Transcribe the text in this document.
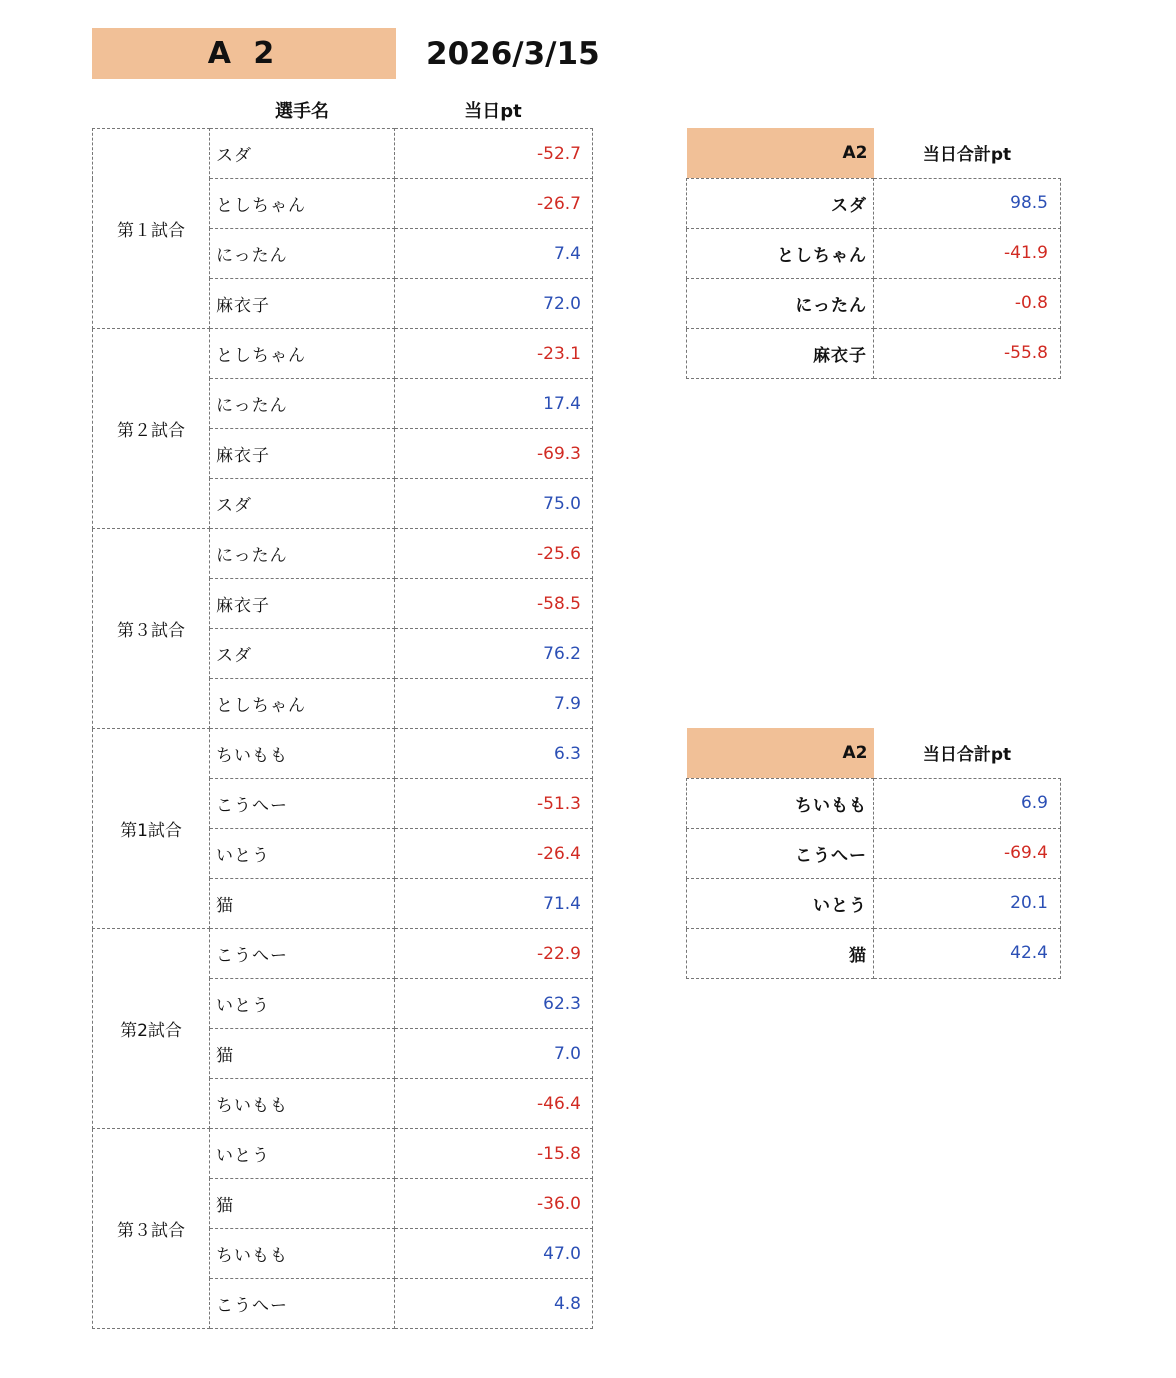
A 2	2026/3/15
選手名	当日pt
第１試合	スダ	-52.7
	としちゃん	-26.7
	にったん	7.4
	麻衣子	72.0
第２試合	としちゃん	-23.1
	にったん	17.4
	麻衣子	-69.3
	スダ	75.0
第３試合	にったん	-25.6
	麻衣子	-58.5
	スダ	76.2
	としちゃん	7.9
第1試合	ちいもも	6.3
	こうへー	-51.3
	いとう	-26.4
	猫	71.4
第2試合	こうへー	-22.9
	いとう	62.3
	猫	7.0
	ちいもも	-46.4
第３試合	いとう	-15.8
	猫	-36.0
	ちいもも	47.0
	こうへー	4.8
A2	当日合計pt
スダ	98.5
としちゃん	-41.9
にったん	-0.8
麻衣子	-55.8
A2	当日合計pt
ちいもも	6.9
こうへー	-69.4
いとう	20.1
猫	42.4
